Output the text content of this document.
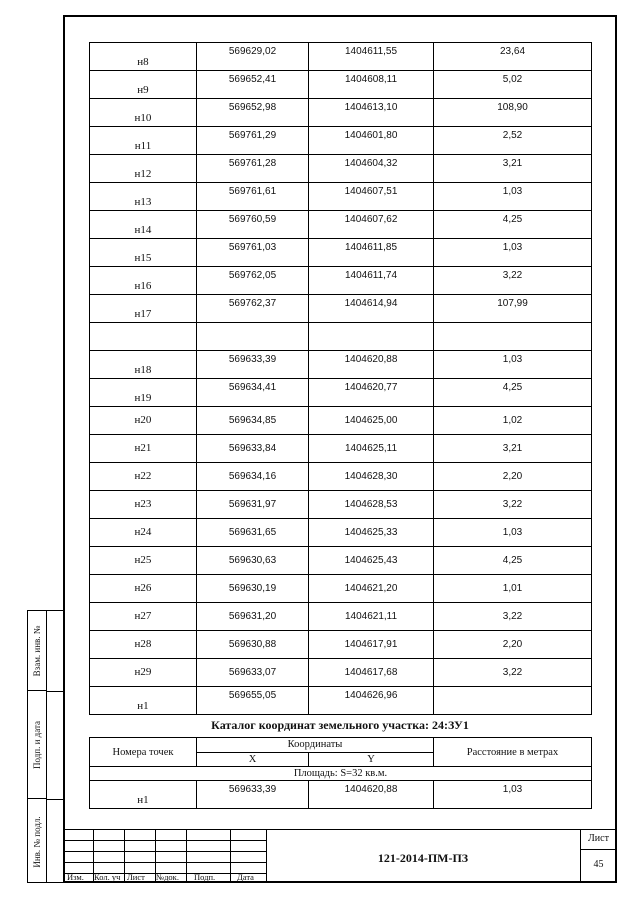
Взам. инв. №
Подп. и дата
Инв. № подл.
н8	569629,02	1404611,55	23,64
н9	569652,41	1404608,11	5,02
н10	569652,98	1404613,10	108,90
н11	569761,29	1404601,80	2,52
н12	569761,28	1404604,32	3,21
н13	569761,61	1404607,51	1,03
н14	569760,59	1404607,62	4,25
н15	569761,03	1404611,85	1,03
н16	569762,05	1404611,74	3,22
н17	569762,37	1404614,94	107,99

н18	569633,39	1404620,88	1,03
н19	569634,41	1404620,77	4,25
н20	569634,85	1404625,00	1,02
н21	569633,84	1404625,11	3,21
н22	569634,16	1404628,30	2,20
н23	569631,97	1404628,53	3,22
н24	569631,65	1404625,33	1,03
н25	569630,63	1404625,43	4,25
н26	569630,19	1404621,20	1,01
н27	569631,20	1404621,11	3,22
н28	569630,88	1404617,91	2,20
н29	569633,07	1404617,68	3,22
н1	569655,05	1404626,96	
Каталог координат земельного участка: 24:ЗУ1
Номера точек	Координаты		Расстояние в метрах
	X	Y	
Площадь: S=32 кв.м.			
н1	569633,39	1404620,88	1,03
Изм. Кол. уч Лист №док. Подп.	Дата
121-2014-ПМ-ПЗ
Лист
45
